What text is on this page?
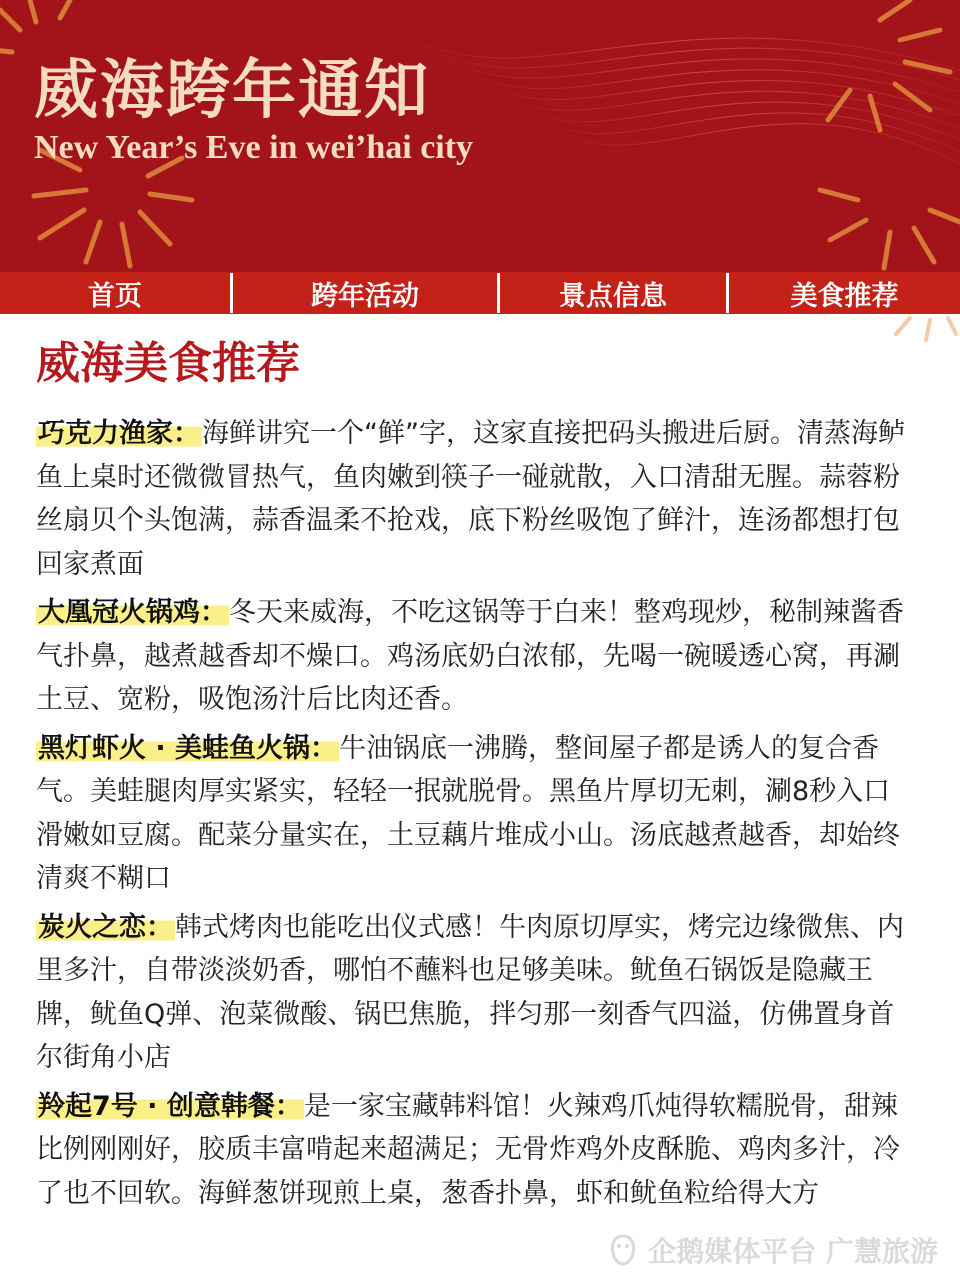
威海跨年通知
New Year’s Eve in wei’hai city
首页	跨年活动	景点信息	美食推荐
威海美食推荐

巧克力渔家：海鲜讲究一个“鲜”字，这家直接把码头搬进后厨。清蒸海鲈鱼上桌时还微微冒热气，鱼肉嫩到筷子一碰就散，入口清甜无腥。蒜蓉粉丝扇贝个头饱满，蒜香温柔不抢戏，底下粉丝吸饱了鲜汁，连汤都想打包回家煮面

大凰冠火锅鸡：冬天来威海，不吃这锅等于白来！整鸡现炒，秘制辣酱香气扑鼻，越煮越香却不燥口。鸡汤底奶白浓郁，先喝一碗暖透心窝，再涮土豆、宽粉，吸饱汤汁后比肉还香。

黑灯虾火 · 美蛙鱼火锅：牛油锅底一沸腾，整间屋子都是诱人的复合香气。美蛙腿肉厚实紧实，轻轻一抿就脱骨。黑鱼片厚切无刺，涮8秒入口滑嫩如豆腐。配菜分量实在，土豆藕片堆成小山。汤底越煮越香，却始终清爽不糊口

炭火之恋：韩式烤肉也能吃出仪式感！牛肉原切厚实，烤完边缘微焦、内里多汁，自带淡淡奶香，哪怕不蘸料也足够美味。鱿鱼石锅饭是隐藏王牌，鱿鱼Q弹、泡菜微酸、锅巴焦脆，拌匀那一刻香气四溢，仿佛置身首尔街角小店

羚起7号 · 创意韩餐：是一家宝藏韩料馆！火辣鸡爪炖得软糯脱骨，甜辣比例刚刚好，胶质丰富啃起来超满足；无骨炸鸡外皮酥脆、鸡肉多汁，冷了也不回软。海鲜葱饼现煎上桌，葱香扑鼻，虾和鱿鱼粒给得大方

企鹅媒体平台 广慧旅游
